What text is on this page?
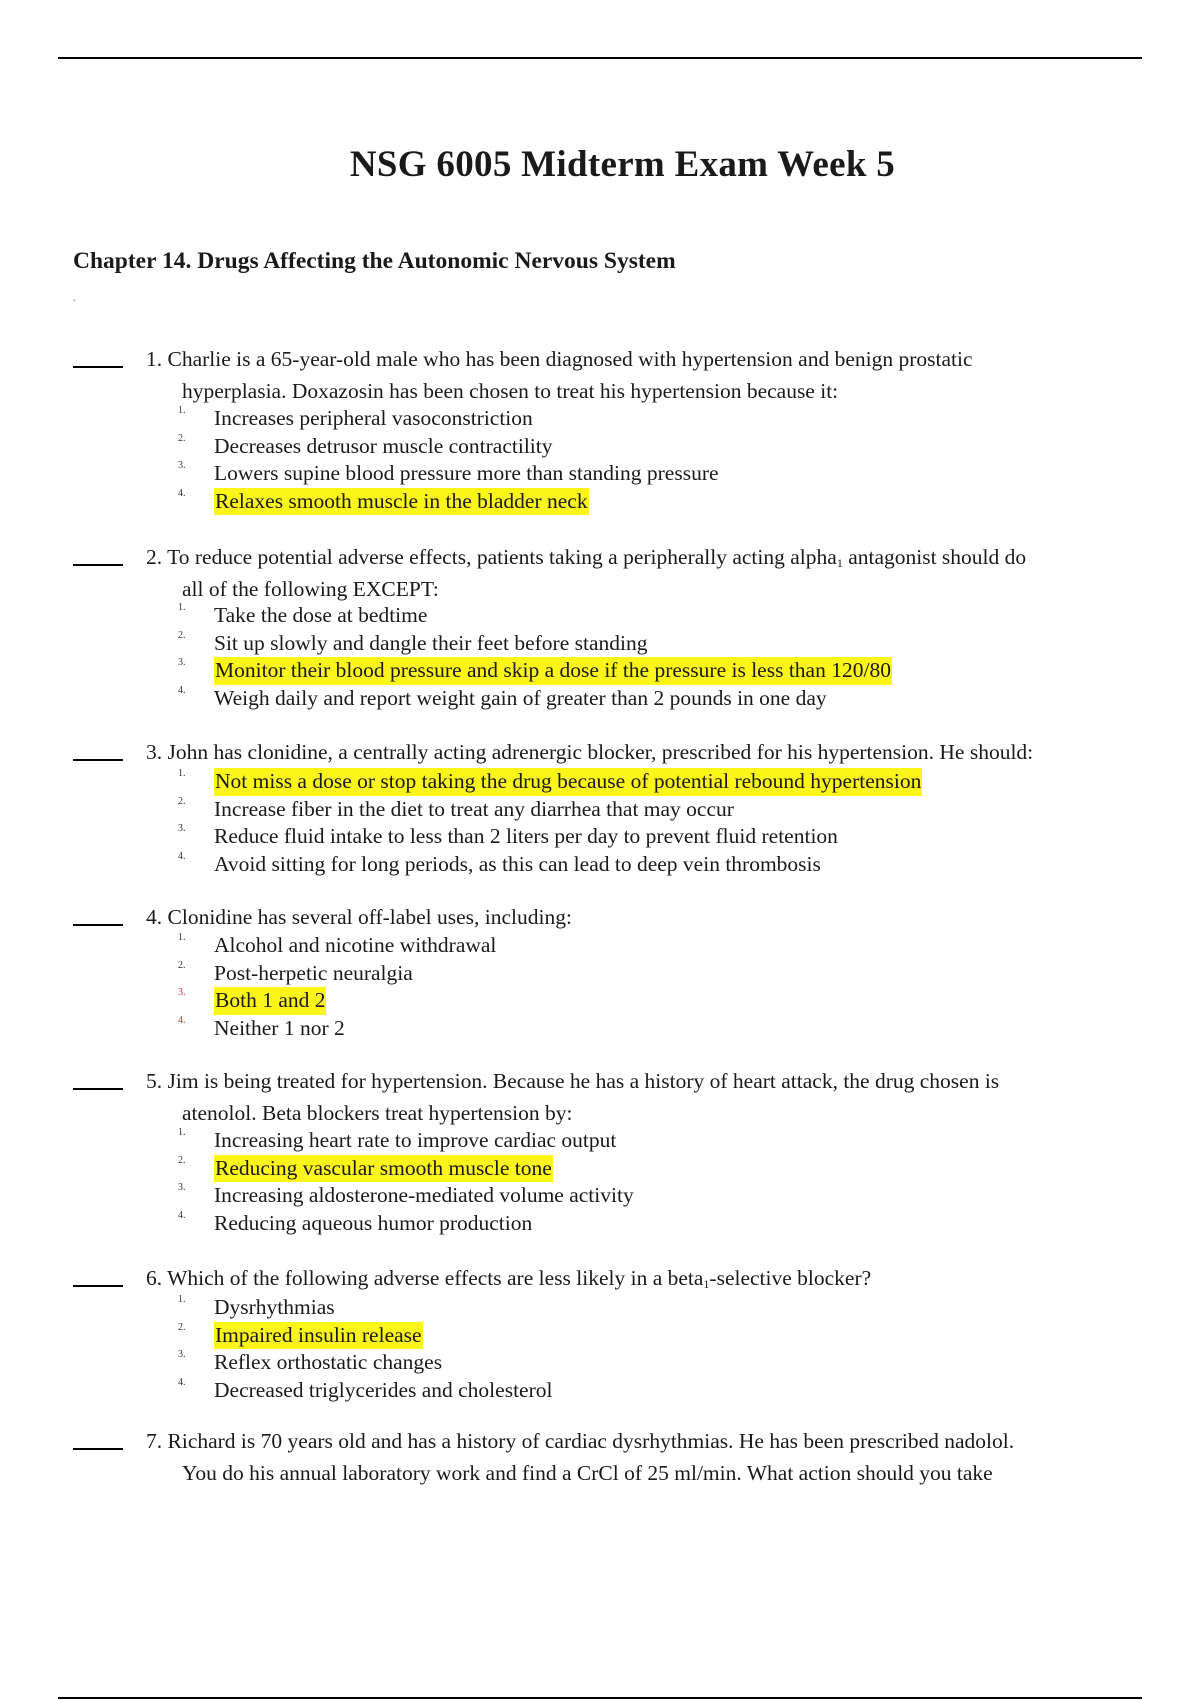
NSG 6005 Midterm Exam Week 5
Chapter 14. Drugs Affecting the Autonomic Nervous System
.
1. Charlie is a 65-year-old male who has been diagnosed with hypertension and benign prostatic
hyperplasia. Doxazosin has been chosen to treat his hypertension because it:
1. Increases peripheral vasoconstriction
2. Decreases detrusor muscle contractility
3. Lowers supine blood pressure more than standing pressure
4. Relaxes smooth muscle in the bladder neck
2. To reduce potential adverse effects, patients taking a peripherally acting alpha$_1$ antagonist should do
all of the following EXCEPT:
1. Take the dose at bedtime
2. Sit up slowly and dangle their feet before standing
3. Monitor their blood pressure and skip a dose if the pressure is less than 120/80
4. Weigh daily and report weight gain of greater than 2 pounds in one day
3. John has clonidine, a centrally acting adrenergic blocker, prescribed for his hypertension. He should:
1. Not miss a dose or stop taking the drug because of potential rebound hypertension
2. Increase fiber in the diet to treat any diarrhea that may occur
3. Reduce fluid intake to less than 2 liters per day to prevent fluid retention
4. Avoid sitting for long periods, as this can lead to deep vein thrombosis
4. Clonidine has several off-label uses, including:
1. Alcohol and nicotine withdrawal
2. Post-herpetic neuralgia
3. Both 1 and 2
4. Neither 1 nor 2
5. Jim is being treated for hypertension. Because he has a history of heart attack, the drug chosen is
atenolol. Beta blockers treat hypertension by:
1. Increasing heart rate to improve cardiac output
2. Reducing vascular smooth muscle tone
3. Increasing aldosterone-mediated volume activity
4. Reducing aqueous humor production
6. Which of the following adverse effects are less likely in a beta$_1$-selective blocker?
1. Dysrhythmias
2. Impaired insulin release
3. Reflex orthostatic changes
4. Decreased triglycerides and cholesterol
7. Richard is 70 years old and has a history of cardiac dysrhythmias. He has been prescribed nadolol.
You do his annual laboratory work and find a CrCl of 25 ml/min. What action should you take
